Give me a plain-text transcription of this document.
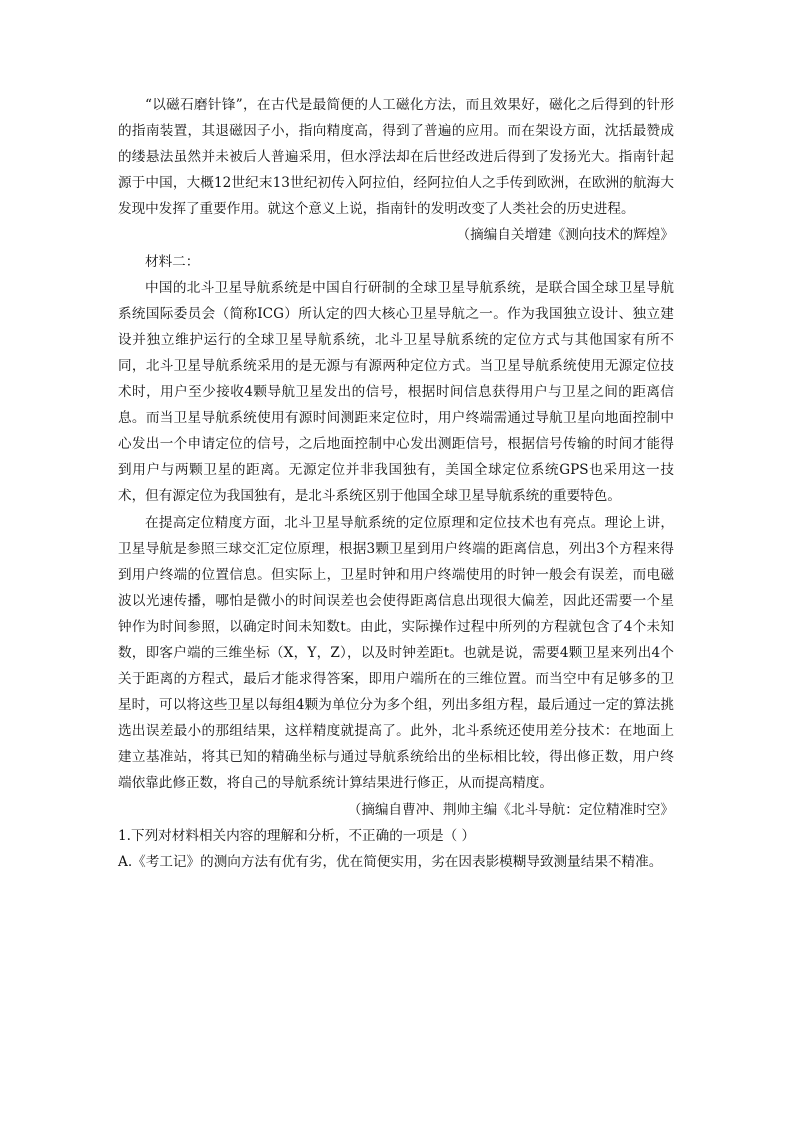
“以磁石磨针锋”，在古代是最简便的人工磁化方法，而且效果好，磁化之后得到的针形的指南装置，其退磁因子小，指向精度高，得到了普遍的应用。而在架设方面，沈括最赞成的缕悬法虽然并未被后人普遍采用，但水浮法却在后世经改进后得到了发扬光大。指南针起源于中国，大概12世纪末13世纪初传入阿拉伯，经阿拉伯人之手传到欧洲，在欧洲的航海大发现中发挥了重要作用。就这个意义上说，指南针的发明改变了人类社会的历史进程。

（摘编自关增建《测向技术的辉煌》

材料二：

中国的北斗卫星导航系统是中国自行研制的全球卫星导航系统，是联合国全球卫星导航系统国际委员会（简称ICG）所认定的四大核心卫星导航之一。作为我国独立设计、独立建设并独立维护运行的全球卫星导航系统，北斗卫星导航系统的定位方式与其他国家有所不同，北斗卫星导航系统采用的是无源与有源两种定位方式。当卫星导航系统使用无源定位技术时，用户至少接收4颗导航卫星发出的信号，根据时间信息获得用户与卫星之间的距离信息。而当卫星导航系统使用有源时间测距来定位时，用户终端需通过导航卫星向地面控制中心发出一个申请定位的信号，之后地面控制中心发出测距信号，根据信号传输的时间才能得到用户与两颗卫星的距离。无源定位并非我国独有，美国全球定位系统GPS也采用这一技术，但有源定位为我国独有，是北斗系统区别于他国全球卫星导航系统的重要特色。

在提高定位精度方面，北斗卫星导航系统的定位原理和定位技术也有亮点。理论上讲，卫星导航是参照三球交汇定位原理，根据3颗卫星到用户终端的距离信息，列出3个方程来得到用户终端的位置信息。但实际上，卫星时钟和用户终端使用的时钟一般会有误差，而电磁波以光速传播，哪怕是微小的时间误差也会使得距离信息出现很大偏差，因此还需要一个星钟作为时间参照，以确定时间未知数t。由此，实际操作过程中所列的方程就包含了4个未知数，即客户端的三维坐标（X，Y，Z），以及时钟差距t。也就是说，需要4颗卫星来列出4个关于距离的方程式，最后才能求得答案，即用户端所在的三维位置。而当空中有足够多的卫星时，可以将这些卫星以每组4颗为单位分为多个组，列出多组方程，最后通过一定的算法挑选出误差最小的那组结果，这样精度就提高了。此外，北斗系统还使用差分技术：在地面上建立基准站，将其已知的精确坐标与通过导航系统给出的坐标相比较，得出修正数，用户终端依靠此修正数，将自己的导航系统计算结果进行修正，从而提高精度。

（摘编自曹冲、荆帅主编《北斗导航：定位精准时空》

1.下列对材料相关内容的理解和分析，不正确的一项是（ ）

A.《考工记》的测向方法有优有劣，优在简便实用，劣在因表影模糊导致测量结果不精准。
